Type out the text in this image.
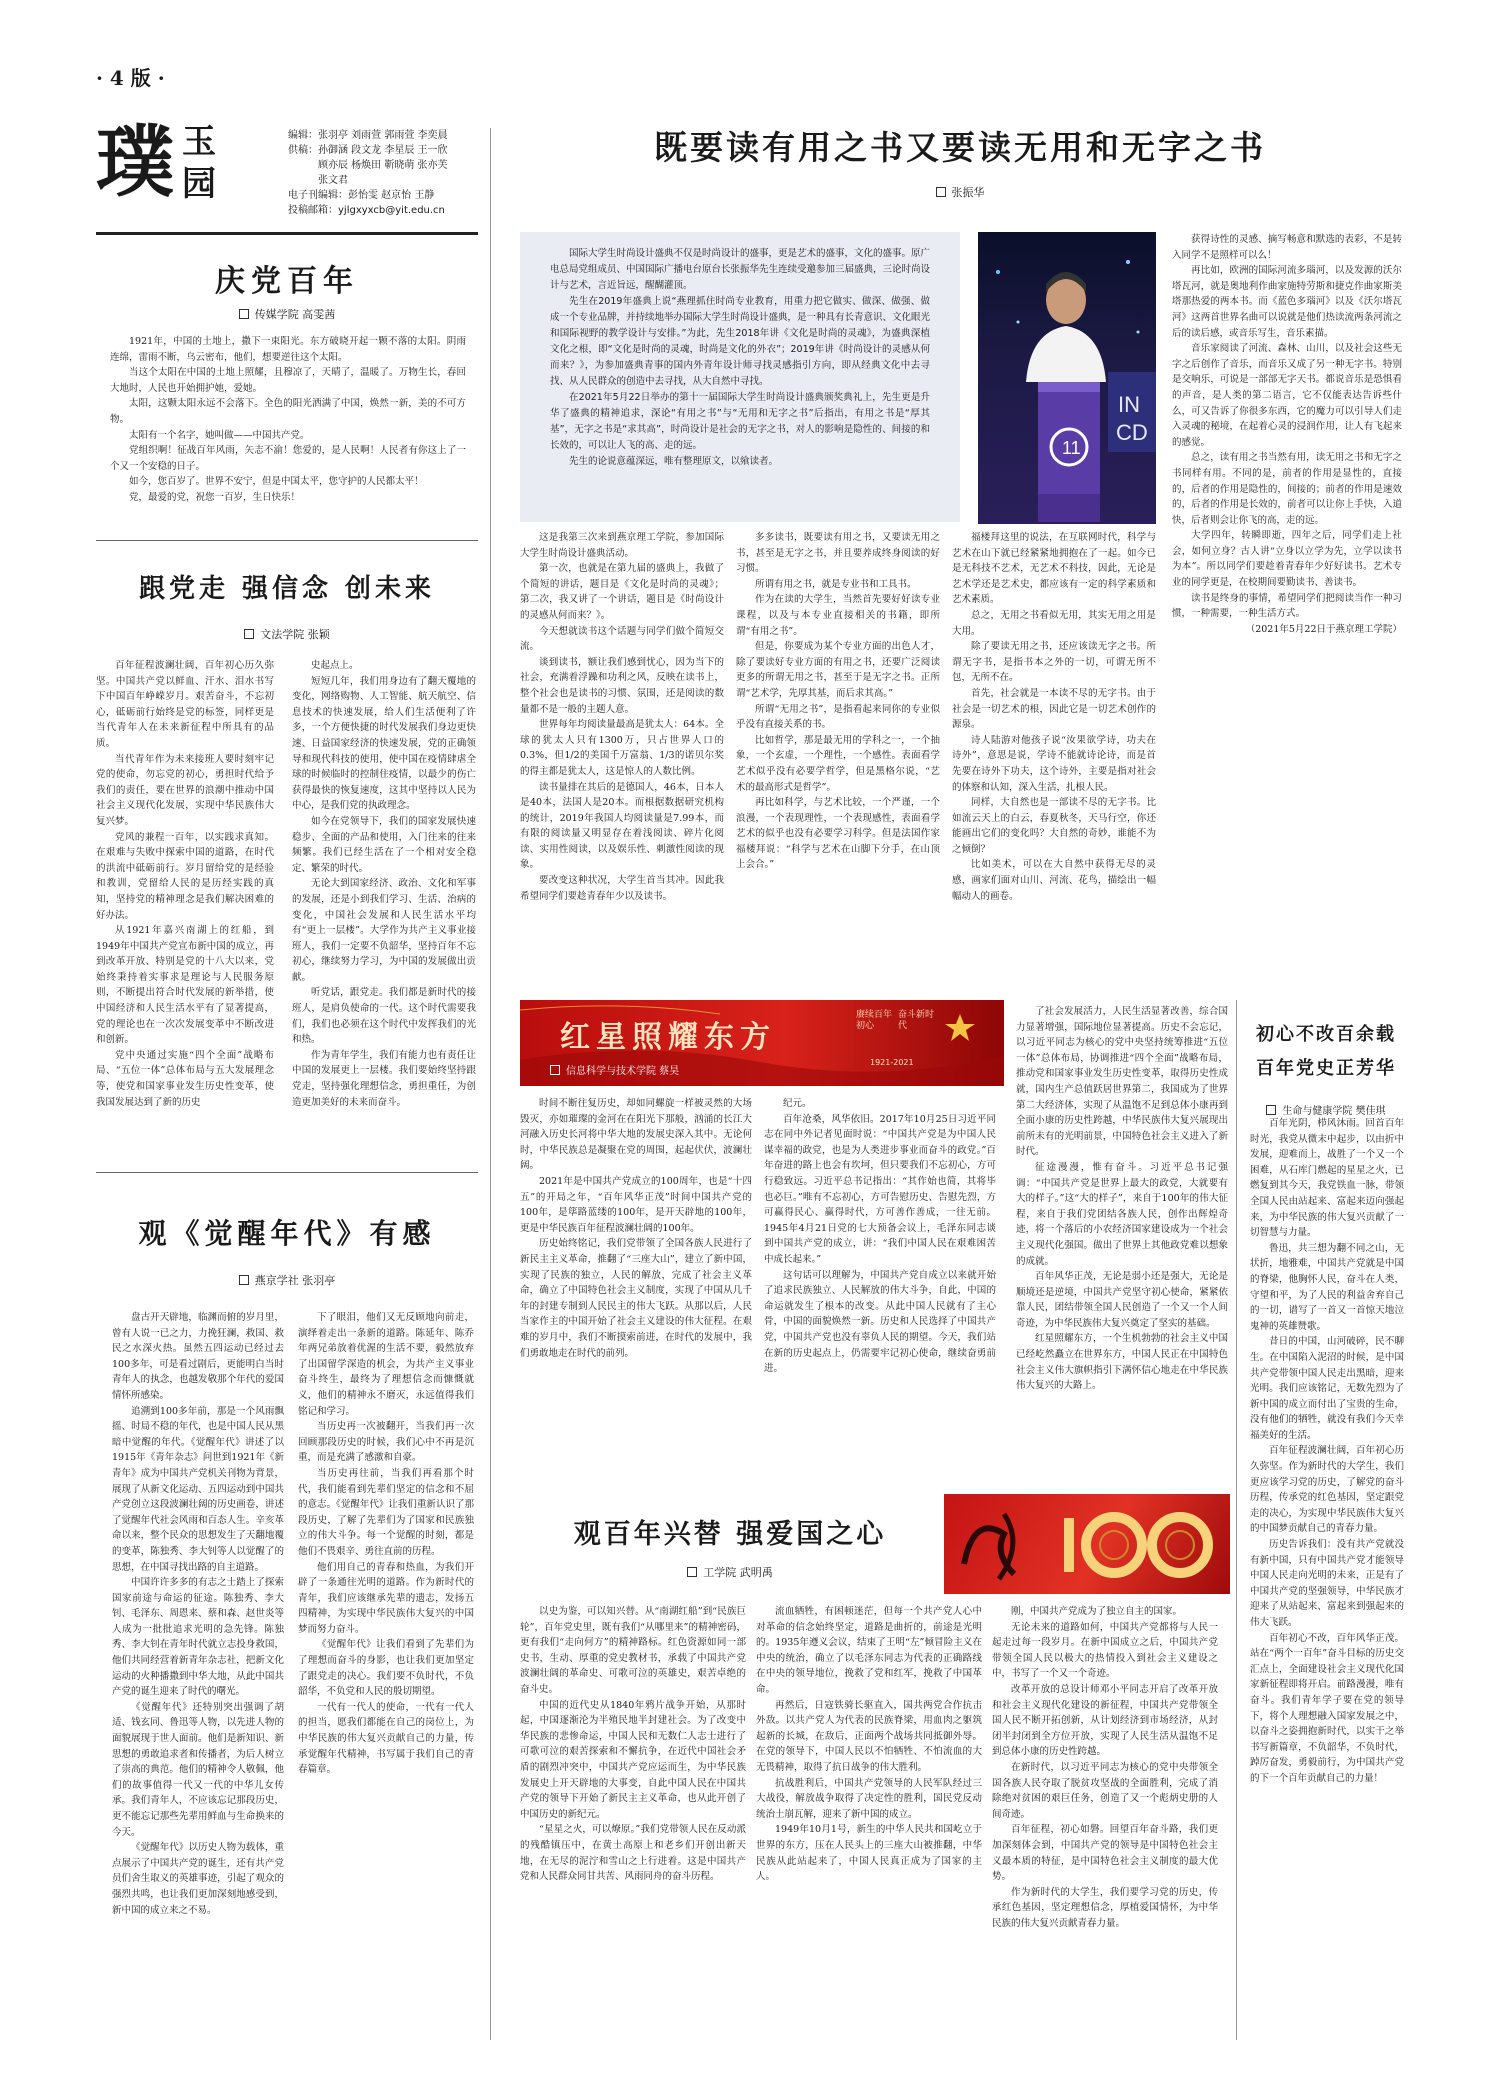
· 4 版 ·
璞 玉
园
编辑：张羽亭 刘雨萱 郭雨萱 李奕晨
供稿：孙御涵 段文龙 李星辰 王一欣
　　　顾亦辰 杨焕田 靳晓萌 张亦芙
　　　张文君
电子刊编辑：彭怡雯 赵京怡 王静
投稿邮箱：yjlgxyxcb@yit.edu.cn
庆党百年
传媒学院 高雯茜

1921年，中国的土地上，撒下一束阳光。东方破晓开起一颗不落的太阳。阴雨连绵，雷雨不断，乌云密布，他们，想要逆往这个太阳。

当这个太阳在中国的土地上照耀，且穆凉了，天晴了，温暖了。万物生长，春回大地时，人民也开始拥护她，爱她。

太阳，这颗太阳永远不会落下。全色的阳光洒满了中国，焕然一新，美的不可方物。

太阳有一个名字，她叫做——中国共产党。

党组织啊！征战百年风雨，矢志不渝！您爱的，是人民啊！人民者有你这上了一个又一个安稳的日子。

如今，您百岁了。世界不安宁，但是中国太平，您守护的人民都太平！

党，最爱的党，祝您一百岁，生日快乐！

跟党走 强信念 创未来
文法学院 张颖

百年征程波澜壮阔，百年初心历久弥坚。中国共产党以鲜血、汗水、泪水书写下中国百年峥嵘岁月。艰苦奋斗，不忘初心，砥砺前行始终是党的标签，同样更是当代青年人在未来新征程中所具有的品质。

当代青年作为未来接班人要时刻牢记党的使命，勿忘党的初心，勇担时代给予我们的责任，要在世界的浪潮中推动中国社会主义现代化发展，实现中华民族伟大复兴梦。

党风的兼程一百年，以实践求真知。在艰难与失败中探索中国的道路，在时代的洪流中砥砺前行。岁月留给党的是经验和教训，党留给人民的是历经实践的真知，坚持党的精神理念是我们解决困难的好办法。

从1921年嘉兴南湖上的红船，到1949年中国共产党宣布新中国的成立，再到改革开放、特别是党的十八大以来，党始终秉持着实事求是理论与人民服务原则，不断提出符合时代发展的新举措，使中国经济和人民生活水平有了显著提高，党的理论也在一次次发展变革中不断改进和创新。

党中央通过实施“四个全面”战略布局、“五位一体”总体布局与五大发展理念等，使党和国家事业发生历史性变革，使我国发展达到了新的历史

史起点上。

短短几年，我们用身边有了翻天覆地的变化，网络购物、人工智能、航天航空、信息技术的快速发展，给人们生活便利了许多，一个方便快捷的时代发展我们身边更快速、日益国家经济的快速发展，党的正确领导和现代科技的使用，使中国在疫情肆虐全球的时候临时的控制住疫情，以最少的伤亡获得最快的恢复速度，这其中坚持以人民为中心，是我们党的执政理念。

如今在党领导下，我们的国家发展快速稳步、全面的产品和使用，入门往来的往来频繁。我们已经生活在了一个相对安全稳定、繁荣的时代。

无论大到国家经济、政治、文化和军事的发展，还是小到我们学习、生活、治病的变化，中国社会发展和人民生活水平均有“更上一层楼”。大学作为共产主义事业接班人，我们一定要不负韶华，坚持百年不忘初心，继续努力学习，为中国的发展做出贡献。

听党话，跟党走。我们都是新时代的接班人，是肩负使命的一代。这个时代需要我们，我们也必须在这个时代中发挥我们的光和热。

作为青年学生，我们有能力也有责任让中国的发展更上一层楼。我们要始终坚持跟党走，坚持强化理想信念，勇担重任，为创造更加美好的未来而奋斗。

观《觉醒年代》有感
燕京学社 张羽亭

盘古开天辟地，临渊而俯的岁月里，曾有人说一已之力，力挽狂澜，救国、救民之水深火热。虽然五四运动已经过去100多年，可是看过剧后，更能明白当时青年人的执念，也越发敬那个年代的爱国情怀所感染。

追溯到100多年前，那是一个风雨飘摇、时局不稳的年代，也是中国人民从黑暗中觉醒的年代。《觉醒年代》讲述了以1915年《青年杂志》问世到1921年《新青年》成为中国共产党机关刊物为背景，展现了从新文化运动、五四运动到中国共产党创立这段波澜壮阔的历史画卷，讲述了觉醒年代社会风雨和百态人生。辛亥革命以来，整个民众的思想发生了天翻地覆的变革，陈独秀、李大钊等人以觉醒了的思想，在中国寻找出路的自主道路。

中国许许多多的有志之士踏上了探索国家前途与命运的征途。陈独秀、李大钊、毛泽东、周恩来、蔡和森、赵世炎等人成为一批批追求光明的急先锋。陈独秀、李大钊在青年时代就立志投身救国，他们共同经营着新青年杂志社，把新文化运动的火种播撒到中华大地，从此中国共产党的诞生迎来了时代的曙光。

《觉醒年代》还特别突出强调了胡适、钱玄同、鲁迅等人物，以先进人物的面貌展现于世人面前。他们是新知识、新思想的勇敢追求者和传播者，为后人树立了崇高的典范。他们的精神令人敬佩，他们的故事值得一代又一代的中华儿女传承。我们青年人，不应该忘记那段历史，更不能忘记那些先辈用鲜血与生命换来的今天。

《觉醒年代》以历史人物为载体，重点展示了中国共产党的诞生，还有共产党员们舍生取义的英雄事迹，引起了观众的强烈共鸣，也让我们更加深刻地感受到，新中国的成立来之不易。

下了眼泪，他们又无反顾地向前走，演绎着走出一条新的道路。陈延年、陈乔年两兄弟放着优渥的生活不要，毅然放弃了出国留学深造的机会，为共产主义事业奋斗终生，最终为了理想信念而慷慨就义，他们的精神永不磨灭，永远值得我们铭记和学习。

当历史再一次被翻开，当我们再一次回顾那段历史的时候，我们心中不再是沉重，而是充满了感激和自豪。

当历史再往前，当我们再看那个时代，我们能看到先辈们坚定的信念和不屈的意志。《觉醒年代》让我们重新认识了那段历史，了解了先辈们为了国家和民族独立的伟大斗争。每一个觉醒的时刻，都是他们不畏艰辛、勇往直前的历程。

他们用自己的青春和热血，为我们开辟了一条通往光明的道路。作为新时代的青年，我们应该继承先辈的遗志，发扬五四精神，为实现中华民族伟大复兴的中国梦而努力奋斗。

《觉醒年代》让我们看到了先辈们为了理想而奋斗的身影，也让我们更加坚定了跟党走的决心。我们要不负时代，不负韶华，不负党和人民的殷切期望。

一代有一代人的使命，一代有一代人的担当，愿我们都能在自己的岗位上，为中华民族的伟大复兴贡献自己的力量，传承觉醒年代精神，书写属于我们自己的青春篇章。

既要读有用之书又要读无用和无字之书
张振华

国际大学生时尚设计盛典不仅是时尚设计的盛事，更是艺术的盛事，文化的盛事。原广电总局党组成员、中国国际广播电台原台长张振华先生连续受邀参加三届盛典，三论时尚设计与艺术，言近旨远，醒醐灌顶。

先生在2019年盛典上说“燕理抓住时尚专业教育，用重力把它做实、做深、做强、做成一个专业品牌，并持续地举办国际大学生时尚设计盛典，是一种具有长青意识、文化眼光和国际视野的教学设计与安排。”为此，先生2018年讲《文化是时尚的灵魂》，为盛典深植文化之根，即“文化是时尚的灵魂，时尚是文化的外衣”；2019年讲《时尚设计的灵感从何而来？》，为参加盛典青事的国内外青年设计师寻找灵感指引方向，即从经典文化中去寻找、从人民群众的创造中去寻找，从大自然中寻找。

在2021年5月22日举办的第十一届国际大学生时尚设计盛典颁奖典礼上，先生更是升华了盛典的精神追求，深论“有用之书”与“无用和无字之书”后指出，有用之书是“厚其基”，无字之书是“求其高”，时尚设计是社会的无字之书，对人的影响是隐性的、间接的和长效的，可以让人飞的高、走的远。

先生的论说意蕴深远，唯有整理原文，以飨读者。

IN
CD
11

获得诗性的灵感、摘写畅意和默选的表彩，不是转入同学不是照样可以么！

再比如，欧洲的国际河流多瑙河，以及发源的沃尔塔瓦河，就是奥地利作曲家施特劳斯和捷克作曲家斯美塔那热爱的两本书。而《蓝色多瑙河》以及《沃尔塔瓦河》这两首世界名曲可以说就是他们热读流两条河流之后的读后感，或音乐写生，音乐素描。

音乐家阅读了河流、森林、山川，以及社会这些无字之后创作了音乐，而音乐又成了另一种无字书。特别是交响乐，可说是一部部无字天书。都说音乐是恐惧看的声音，是人类的第二语言，它不仅能表达告诉些什么，可又告诉了你很多东西，它的魔力可以引导人们走入灵魂的秘境，在起着心灵的浸润作用，让人有飞起来的感觉。

总之，读有用之书当然有用，读无用之书和无字之书同样有用。不同的是，前者的作用是显性的，直接的，后者的作用是隐性的，间接的；前者的作用是速效的，后者的作用是长效的，前者可以让你上手快，入道快，后者则会让你飞的高，走的远。

大学四年，转瞬即逝，四年之后，同学们走上社会，如何立身？古人讲“立身以立学为先，立学以读书为本”。所以同学们要趁着青春年少好好读书。艺术专业的同学更是，在校期间要勤读书、善读书。

读书是终身的事情，希望同学们把阅读当作一种习惯，一种需要，一种生活方式。

（2021年5月22日于燕京理工学院）

这是我第三次来到燕京理工学院，参加国际大学生时尚设计盛典活动。

第一次，也就是在第九届的盛典上，我做了个简短的讲话，题目是《文化是时尚的灵魂》；第二次，我又讲了一个讲话，题目是《时尚设计的灵感从何而来？》。

今天想就读书这个话题与同学们做个简短交流。

谈到读书，额让我们感到忧心，因为当下的社会，充满着浮躁和功利之风，反映在读书上，整个社会也是读书的习惯、氛围，还是阅读的数量都不是一般的主题人意。

世界每年均阅读量最高是犹太人：64本。全球的犹太人只有1300万，只占世界人口的0.3%，但1/2的美国千万富翁、1/3的诺贝尔奖的得主都是犹太人，这是惊人的人数比例。

读书量排在其后的是德国人，46本，日本人是40本，法国人是20本。而根据数据研究机构的统计，2019年我国人均阅读量是7.99本，而有限的阅读量又明显存在着浅阅读、碎片化阅读、实用性阅读，以及娱乐性、刺激性阅读的现象。

要改变这种状况，大学生首当其冲。因此我希望同学们要趁青春年少以及读书。

多多读书，既要读有用之书，又要读无用之书，甚至是无字之书，并且要养成终身阅读的好习惯。

所谓有用之书，就是专业书和工具书。

作为在读的大学生，当然首先要好好读专业课程，以及与本专业直接相关的书籍，即所谓“有用之书”。

但是，你要成为某个专业方面的出色人才，除了要读好专业方面的有用之书，还要广泛阅读更多的所谓无用之书，甚至于是无字之书。正所谓“艺术学，先厚其基，而后求其高。”

所谓“无用之书”，是指看起来同你的专业似乎没有直接关系的书。

比如哲学，那是最无用的学科之一，一个抽象，一个玄虚，一个理性，一个感性。表面看学艺术似乎没有必要学哲学，但是黑格尔说，“艺术的最高形式是哲学”。

再比如科学，与艺术比较，一个严谨，一个浪漫，一个表现理性，一个表现感性，表面看学艺术的似乎也没有必要学习科学。但是法国作家福楼拜说：“科学与艺术在山脚下分手，在山顶上会合。”

福楼拜这里的说法，在互联网时代，科学与艺术在山下就已经紧紧地拥抱在了一起。如今已是无科技不艺术，无艺术不科技，因此，无论是艺术学还是艺术史，都应该有一定的科学素质和艺术素质。

总之，无用之书看似无用，其实无用之用是大用。

除了要读无用之书，还应该读无字之书。所谓无字书，是指书本之外的一切，可谓无所不包，无所不在。

首先，社会就是一本读不尽的无字书。由于社会是一切艺术的根，因此它是一切艺术创作的源泉。

诗人陆游对他孩子说“汝果欲学诗，功夫在诗外”，意思是说，学诗不能就诗论诗，而是首先要在诗外下功夫，这个诗外，主要是指对社会的体察和认知，深入生活，扎根人民。

同样，大自然也是一部读不尽的无字书。比如流云天上的白云，春夏秋冬，天马行空，你还能画出它们的变化吗？大自然的奇妙，谁能不为之倾倒？

比如美术，可以在大自然中获得无尽的灵感，画家们面对山川、河流、花鸟，描绘出一幅幅动人的画卷。

红星照耀东方
赓续百年初心
奋斗新时代
1921-2021
信息科学与技术学院 蔡昊

时间不断往复历史，却如同螺旋一样被灵然的大场毁灭，亦如璀璨的金河在在阳光下那般，汹涌的长江大河融入历史长河将中华大地的发展史深入其中。无论何时，中华民族总是凝聚在党的周围，起起伏伏，波澜壮阔。

2021年是中国共产党成立的100周年，也是“十四五”的开局之年，“百年风华正茂”时间中国共产党的100年，是筚路蓝缕的100年，是开天辟地的100年，更是中华民族百年征程波澜壮阔的100年。

历史始终铭记，我们党带领了全国各族人民进行了新民主主义革命，推翻了“三座大山”，建立了新中国，实现了民族的独立，人民的解放，完成了社会主义革命，确立了中国特色社会主义制度，实现了中国从几千年的封建专制到人民民主的伟大飞跃。从那以后，人民当家作主的中国开始了社会主义建设的伟大征程。在艰难的岁月中，我们不断摸索前进，在时代的发展中，我们勇敢地走在时代的前列。

纪元。

百年沧桑，风华依旧。2017年10月25日习近平同志在同中外记者见面时说：“中国共产党是为中国人民谋幸福的政党，也是为人类进步事业而奋斗的政党。”百年奋进的路上也会有坎坷，但只要我们不忘初心，方可行稳致远。习近平总书记指出：“其作始也简，其将毕也必巨。”唯有不忘初心，方可告慰历史、告慰先烈，方可赢得民心、赢得时代，方可善作善成，一往无前。1945年4月21日党的七大预备会议上，毛泽东同志谈到中国共产党的成立，讲：“我们中国人民在艰难困苦中成长起来。”

这句话可以理解为，中国共产党自成立以来就开始了追求民族独立、人民解放的伟大斗争，自此，中国的命运就发生了根本的改变。从此中国人民就有了主心骨，中国的面貌焕然一新。历史和人民选择了中国共产党，中国共产党也没有辜负人民的期望。今天，我们站在新的历史起点上，仍需要牢记初心使命，继续奋勇前进。

了社会发展活力，人民生活显著改善，综合国力显著增强，国际地位显著提高。历史不会忘记，以习近平同志为核心的党中央坚持统筹推进“五位一体”总体布局，协调推进“四个全面”战略布局，推动党和国家事业发生历史性变革，取得历史性成就，国内生产总值跃居世界第二，我国成为了世界第二大经济体，实现了从温饱不足到总体小康再到全面小康的历史性跨越，中华民族伟大复兴展现出前所未有的光明前景，中国特色社会主义进入了新时代。

征途漫漫，惟有奋斗。习近平总书记强调：“中国共产党是世界上最大的政党，大就要有大的样子。”这“大的样子”，来自于100年的伟大征程，来自于我们党团结各族人民，创作出辉煌奇迹，将一个落后的小农经济国家建设成为一个社会主义现代化强国。做出了世界上其他政党难以想象的成就。

百年风华正茂，无论是弱小还是强大，无论是顺境还是逆境，中国共产党坚守初心使命，紧紧依靠人民，团结带领全国人民创造了一个又一个人间奇迹，为中华民族伟大复兴奠定了坚实的基础。

红星照耀东方，一个生机勃勃的社会主义中国已经屹然矗立在世界东方，中国人民正在中国特色社会主义伟大旗帜指引下满怀信心地走在中华民族伟大复兴的大路上。

观百年兴替 强爱国之心
工学院 武明禹

以史为鉴，可以知兴替。从“南湖红船”到“民族巨轮”，百年党史里，既有我们“从哪里来”的精神密码，更有我们“走向何方”的精神路标。红色资源如同一部史书，生动、厚重的党史教材书，承载了中国共产党波澜壮阔的革命史、可歌可泣的英雄史，艰苦卓绝的奋斗史。

中国的近代史从1840年鸦片战争开始，从那时起，中国逐渐沦为半殖民地半封建社会。为了改变中华民族的悲惨命运，中国人民和无数仁人志士进行了可歌可泣的艰苦探索和不懈抗争，在近代中国社会矛盾的剧烈冲突中，中国共产党应运而生，为中华民族发展史上开天辟地的大事变，自此中国人民在中国共产党的领导下开始了新民主主义革命，也从此开创了中国历史的新纪元。

“星星之火，可以燎原。”我们党带领人民在反动派的残酷镇压中，在黄土高原上和老乡们开创出新天地，在无尽的泥泞和雪山之上行进着。这是中国共产党和人民群众同甘共苦、风雨同舟的奋斗历程。

流血牺牲，有困顿迷茫，但每一个共产党人心中对革命的信念始终坚定，道路是曲折的，前途是光明的。1935年遵义会议，结束了王明“左”倾冒险主义在中央的统治，确立了以毛泽东同志为代表的正确路线在中央的领导地位，挽救了党和红军，挽救了中国革命。

再然后，日寇铁骑长驱直入，国共两党合作抗击外敌。以共产党人为代表的民族脊梁，用血肉之躯筑起新的长城，在敌后，正面两个战场共同抵御外辱。在党的领导下，中国人民以不怕牺牲、不怕流血的大无畏精神，取得了抗日战争的伟大胜利。

抗战胜利后，中国共产党领导的人民军队经过三大战役，解放战争取得了决定性的胜利，国民党反动统治土崩瓦解，迎来了新中国的成立。

1949年10月1号，新生的中华人民共和国屹立于世界的东方，压在人民头上的三座大山被推翻，中华民族从此站起来了，中国人民真正成为了国家的主人。

刚，中国共产党成为了独立自主的国家。

无论未来的道路如何，中国共产党都将与人民一起走过每一段岁月。在新中国成立之后，中国共产党带领全国人民以极大的热情投入到社会主义建设之中，书写了一个又一个奇迹。

改革开放的总设计师邓小平同志开启了改革开放和社会主义现代化建设的新征程，中国共产党带领全国人民不断开拓创新，从计划经济到市场经济，从封闭半封闭到全方位开放，实现了人民生活从温饱不足到总体小康的历史性跨越。

在新时代，以习近平同志为核心的党中央带领全国各族人民夺取了脱贫攻坚战的全面胜利，完成了消除绝对贫困的艰巨任务，创造了又一个彪炳史册的人间奇迹。

百年征程，初心如磐。回望百年奋斗路，我们更加深刻体会到，中国共产党的领导是中国特色社会主义最本质的特征，是中国特色社会主义制度的最大优势。

作为新时代的大学生，我们要学习党的历史，传承红色基因，坚定理想信念，厚植爱国情怀，为中华民族的伟大复兴贡献青春力量。

初心不改百余载
百年党史正芳华
生命与健康学院 樊佳琪

百年光阴，栉风沐雨。回首百年时光，我党从微末中起步，以由折中发展，迎难而上，战胜了一个又一个困难，从石库门燃起的星星之火，已燃复到其今天，我党铁血一脉，带领全国人民由站起来、富起来迈向强起来，为中华民族的伟大复兴贡献了一切智慧与力量。

鲁迅，共三想为翻不同之山，无状折，地雅难，中国共产党就是中国的脊梁，他胸怀人民，奋斗在人类，守望和平，为了人民的利益舍弃自己的一切，谱写了一首又一首惊天地泣鬼神的英雄赞歌。

昔日的中国，山河破碎，民不聊生。在中国陷入泥沼的时候，是中国共产党带领中国人民走出黑暗，迎来光明。我们应该铭记，无数先烈为了新中国的成立而付出了宝贵的生命，没有他们的牺牲，就没有我们今天幸福美好的生活。

百年征程波澜壮阔，百年初心历久弥坚。作为新时代的大学生，我们更应该学习党的历史，了解党的奋斗历程，传承党的红色基因，坚定跟党走的决心，为实现中华民族伟大复兴的中国梦贡献自己的青春力量。

历史告诉我们：没有共产党就没有新中国，只有中国共产党才能领导中国人民走向光明的未来，正是有了中国共产党的坚强领导，中华民族才迎来了从站起来、富起来到强起来的伟大飞跃。

百年初心不改，百年风华正茂。站在“两个一百年”奋斗目标的历史交汇点上，全面建设社会主义现代化国家新征程即将开启。前路漫漫，唯有奋斗。我们青年学子要在党的领导下，将个人理想融入国家发展之中，以奋斗之姿拥抱新时代，以实干之举书写新篇章，不负韶华，不负时代，踔厉奋发，勇毅前行，为中国共产党的下一个百年贡献自己的力量！
